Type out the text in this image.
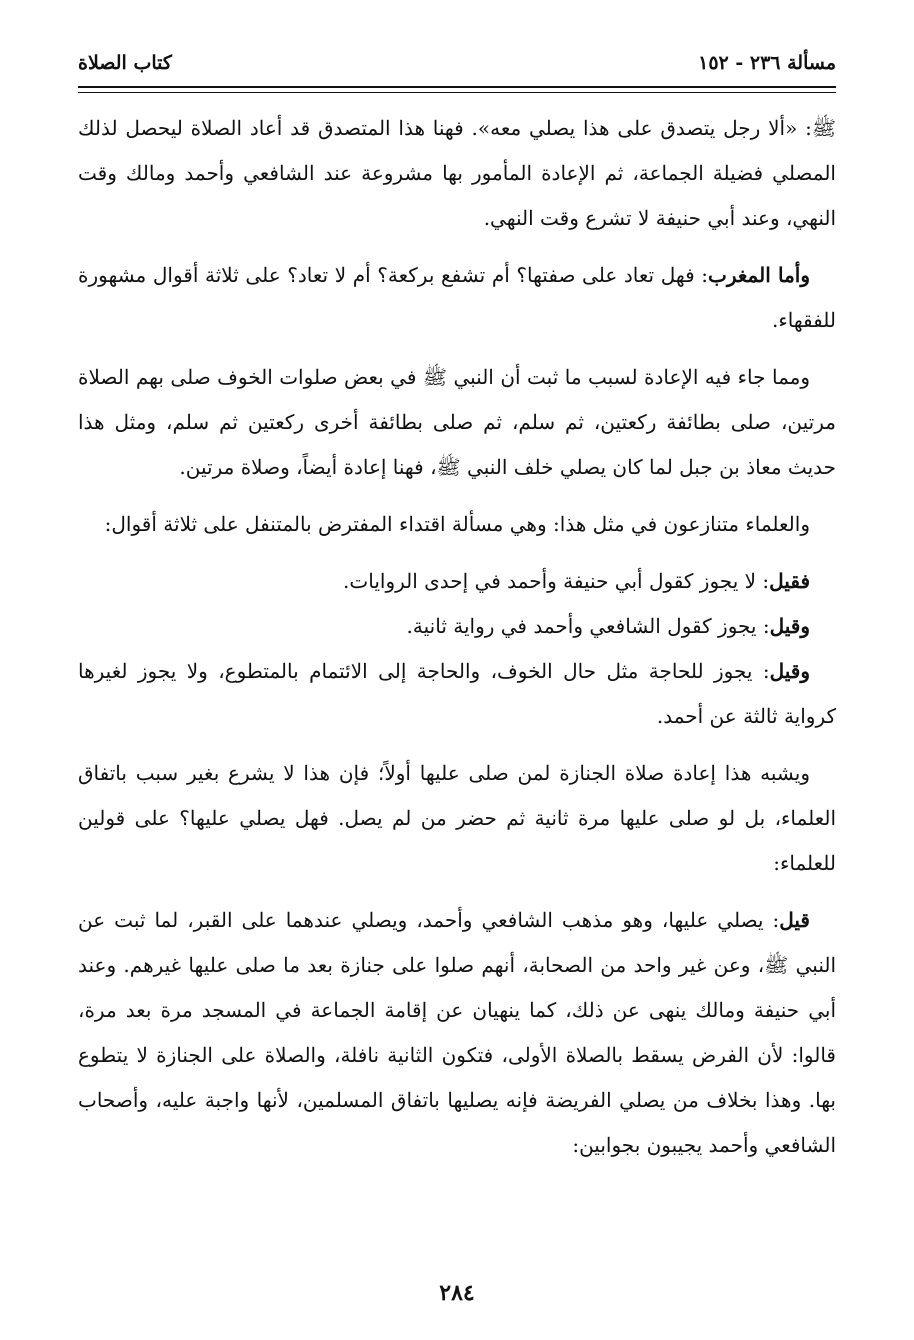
مسألة ٢٣٦ - ١٥٢
كتاب الصلاة

ﷺ: «ألا رجل يتصدق على هذا يصلي معه». فهنا هذا المتصدق قد أعاد الصلاة ليحصل لذلك المصلي فضيلة الجماعة، ثم الإعادة المأمور بها مشروعة عند الشافعي وأحمد ومالك وقت النهي، وعند أبي حنيفة لا تشرع وقت النهي.

وأما المغرب: فهل تعاد على صفتها؟ أم تشفع بركعة؟ أم لا تعاد؟ على ثلاثة أقوال مشهورة للفقهاء.

ومما جاء فيه الإعادة لسبب ما ثبت أن النبي ﷺ في بعض صلوات الخوف صلى بهم الصلاة مرتين، صلى بطائفة ركعتين، ثم سلم، ثم صلى بطائفة أخرى ركعتين ثم سلم، ومثل هذا حديث معاذ بن جبل لما كان يصلي خلف النبي ﷺ، فهنا إعادة أيضاً، وصلاة مرتين.

والعلماء متنازعون في مثل هذا: وهي مسألة اقتداء المفترض بالمتنفل على ثلاثة أقوال:

فقيل: لا يجوز كقول أبي حنيفة وأحمد في إحدى الروايات.

وقيل: يجوز كقول الشافعي وأحمد في رواية ثانية.

وقيل: يجوز للحاجة مثل حال الخوف، والحاجة إلى الائتمام بالمتطوع، ولا يجوز لغيرها كرواية ثالثة عن أحمد.

ويشبه هذا إعادة صلاة الجنازة لمن صلى عليها أولاً؛ فإن هذا لا يشرع بغير سبب باتفاق العلماء، بل لو صلى عليها مرة ثانية ثم حضر من لم يصل. فهل يصلي عليها؟ على قولين للعلماء:

قيل: يصلي عليها، وهو مذهب الشافعي وأحمد، ويصلي عندهما على القبر، لما ثبت عن النبي ﷺ، وعن غير واحد من الصحابة، أنهم صلوا على جنازة بعد ما صلى عليها غيرهم. وعند أبي حنيفة ومالك ينهى عن ذلك، كما ينهيان عن إقامة الجماعة في المسجد مرة بعد مرة، قالوا: لأن الفرض يسقط بالصلاة الأولى، فتكون الثانية نافلة، والصلاة على الجنازة لا يتطوع بها. وهذا بخلاف من يصلي الفريضة فإنه يصليها باتفاق المسلمين، لأنها واجبة عليه، وأصحاب الشافعي وأحمد يجيبون بجوابين:

٢٨٤
